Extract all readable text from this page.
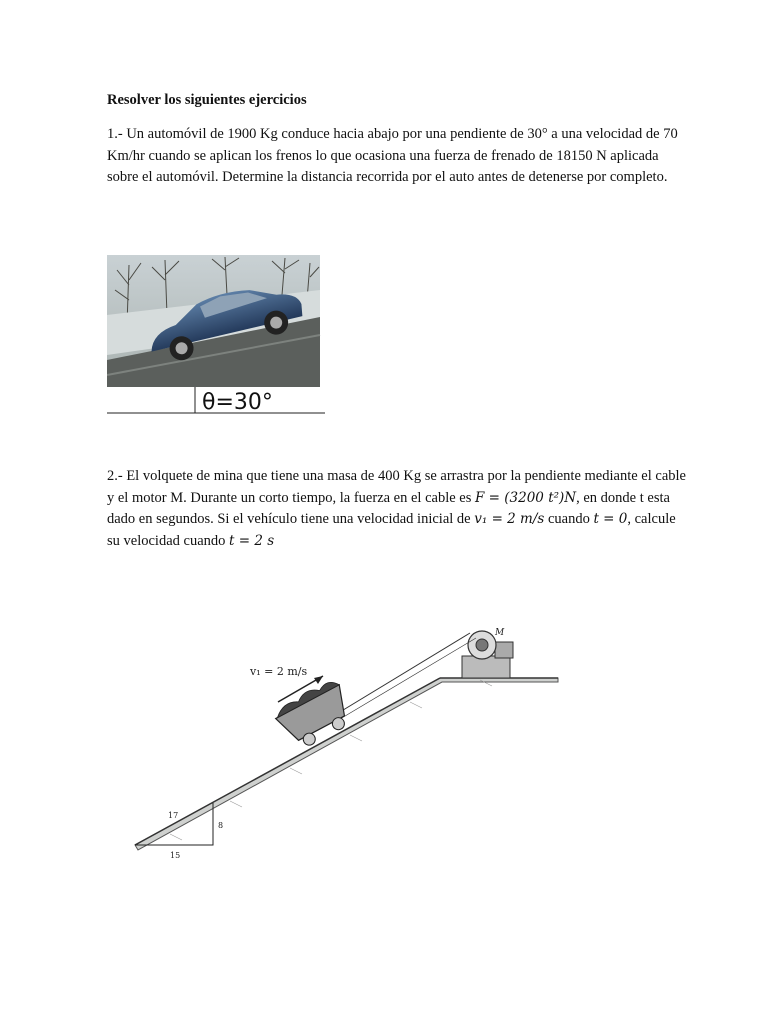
Resolver los siguientes ejercicios
1.- Un automóvil de 1900 Kg conduce hacia abajo por una pendiente de 30° a una velocidad de 70 Km/hr cuando se aplican los frenos lo que ocasiona una fuerza de frenado de 18150 N aplicada sobre el automóvil. Determine la distancia recorrida por el auto antes de detenerse por completo.
θ=30°
2.- El volquete de mina que tiene una masa de 400 Kg se arrastra por la pendiente mediante el cable y el motor M. Durante un corto tiempo, la fuerza en el cable es F = (3200 t²)N, en donde t esta dado en segundos. Si el vehículo tiene una velocidad inicial de v₁ = 2 m/s cuando t = 0, calcule su velocidad cuando t = 2 s
17
8
15
M
v₁ = 2 m/s
